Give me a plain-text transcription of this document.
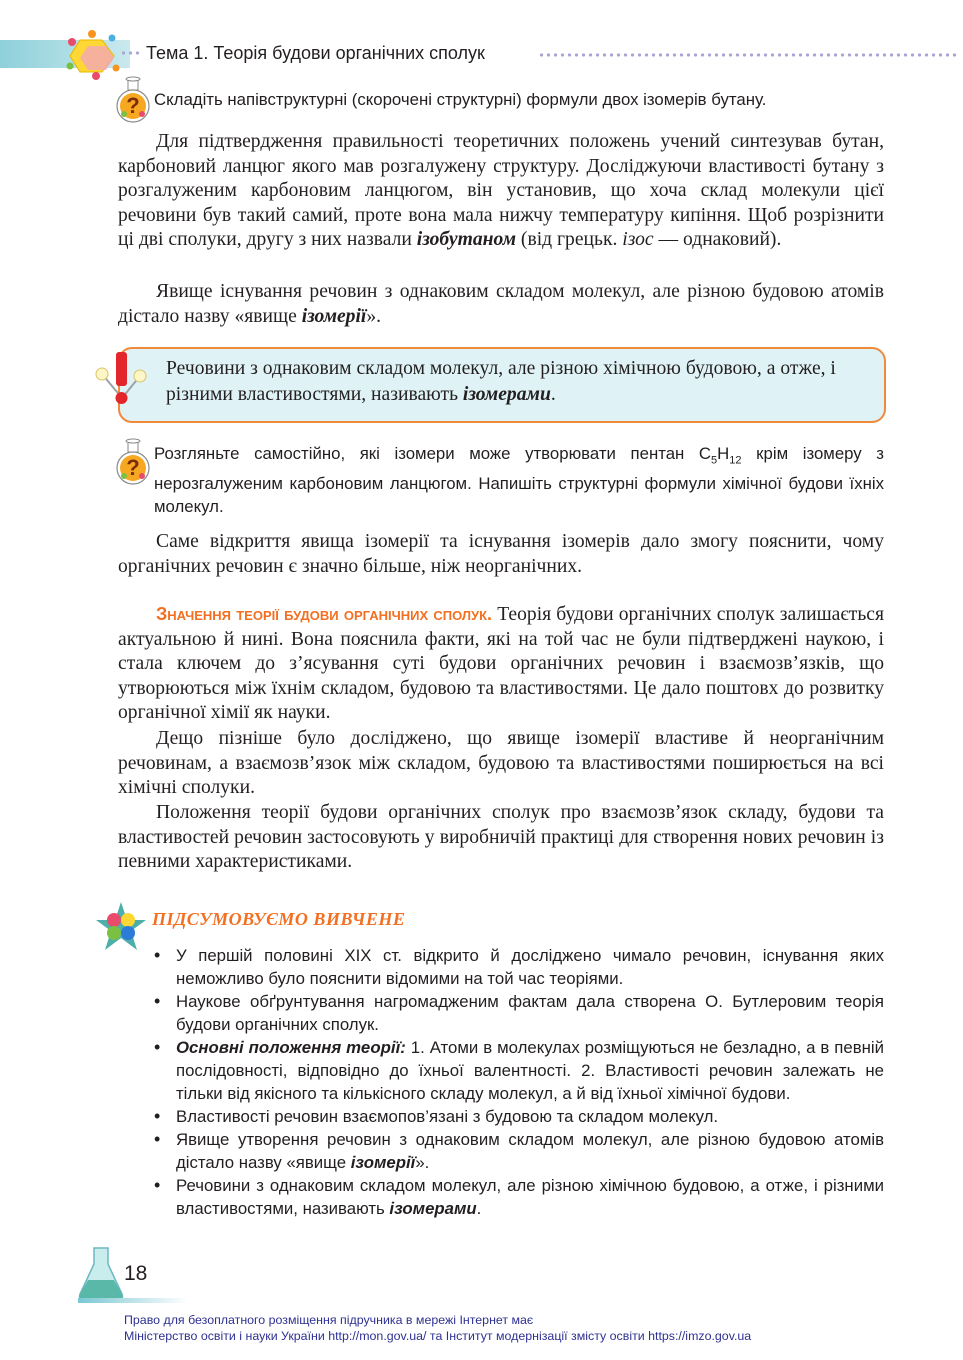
Тема 1. Теорія будови органічних сполук
? Складіть напівструктурні (скорочені структурні) формули двох ізомерів бутану.

Для підтвердження правильності теоретичних положень учений синтезував бутан, карбоновий ланцюг якого мав розгалужену структуру. Досліджуючи властивості бутану з розгалуженим карбоновим ланцюгом, він установив, що хоча склад молекули цієї речовини був такий самий, проте вона мала нижчу температуру кипіння. Щоб розрізнити ці дві сполуки, другу з них назвали ізобутаном (від грецьк. ізос — однаковий).

Явище існування речовин з однаковим складом молекул, але різною будовою атомів дістало назву «явище ізомерії».

Речовини з однаковим складом молекул, але різною хімічною будовою, а отже, і різними властивостями, називають ізомерами.
?
Розгляньте самостійно, які ізомери може утворювати пентан $C_5H_{12}$ крім ізомеру з нерозгалуженим карбоновим ланцюгом. Напишіть структурні формули хімічної будови їхніх молекул.

Саме відкриття явища ізомерії та існування ізомерів дало змогу пояснити, чому органічних речовин є значно більше, ніж неорганічних.

Значення теорії будови органічних сполук. Теорія будови органічних сполук залишається актуальною й нині. Вона пояснила факти, які на той час не були підтверджені наукою, і стала ключем до з’ясування суті будови органічних речовин і взаємозв’язків, що утворюються між їхнім складом, будовою та властивостями. Це дало поштовх до розвитку органічної хімії як науки.

Дещо пізніше було досліджено, що явище ізомерії властиве й неорганічним речовинам, а взаємозв’язок між складом, будовою та властивостями поширюється на всі хімічні сполуки.

Положення теорії будови органічних сполук про взаємозв’язок складу, будови та властивостей речовин застосовують у виробничій практиці для створення нових речовин із певними характеристиками.

ПІДСУМОВУЄМО ВИВЧЕНЕ
• У першій половині XIX ст. відкрито й досліджено чимало речовин, існування яких неможливо було пояснити відомими на той час теоріями.
• Наукове обґрунтування нагромадженим фактам дала створена О. Бутлеровим теорія будови органічних сполук.
• Основні положення теорії: 1. Атоми в молекулах розміщуються не безладно, а в певній послідовності, відповідно до їхньої валентності. 2. Властивості речовин залежать не тільки від якісного та кількісного складу молекул, а й від їхньої хімічної будови.
• Властивості речовин взаємопов’язані з будовою та складом молекул.
• Явище утворення речовин з однаковим складом молекул, але різною будовою атомів дістало назву «явище ізомерії».
• Речовини з однаковим складом молекул, але різною хімічною будовою, а отже, і різними властивостями, називають ізомерами.
18
Право для безоплатного розміщення підручника в мережі Інтернет має
Міністерство освіти і науки України http://mon.gov.ua/ та Інститут модернізації змісту освіти https://imzo.gov.ua
